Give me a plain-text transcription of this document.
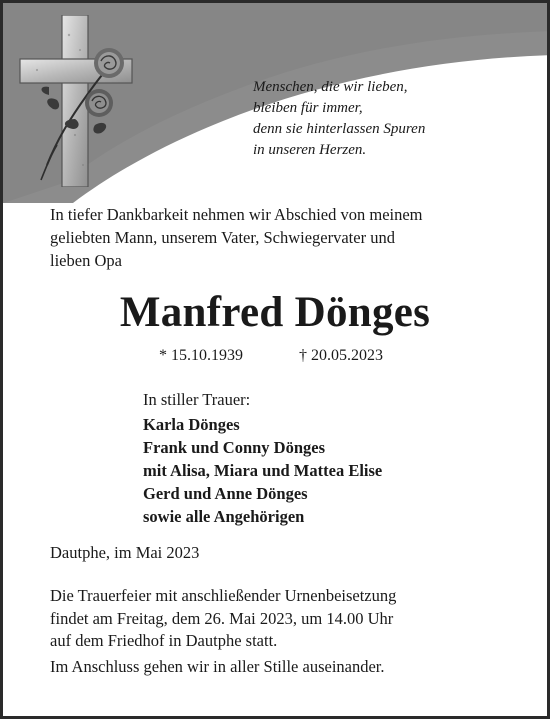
Menschen, die wir lieben,
bleiben für immer,
denn sie hinterlassen Spuren
in unseren Herzen.
In tiefer Dankbarkeit nehmen wir Abschied von meinem
geliebten Mann, unserem Vater, Schwiegervater und
lieben Opa
Manfred Dönges
* 15.10.1939	† 20.05.2023
In stiller Trauer:
Karla Dönges
Frank und Conny Dönges
mit Alisa, Miara und Mattea Elise
Gerd und Anne Dönges
sowie alle Angehörigen
Dautphe, im Mai 2023
Die Trauerfeier mit anschließender Urnenbeisetzung
findet am Freitag, dem 26. Mai 2023, um 14.00 Uhr
auf dem Friedhof in Dautphe statt.
Im Anschluss gehen wir in aller Stille auseinander.
